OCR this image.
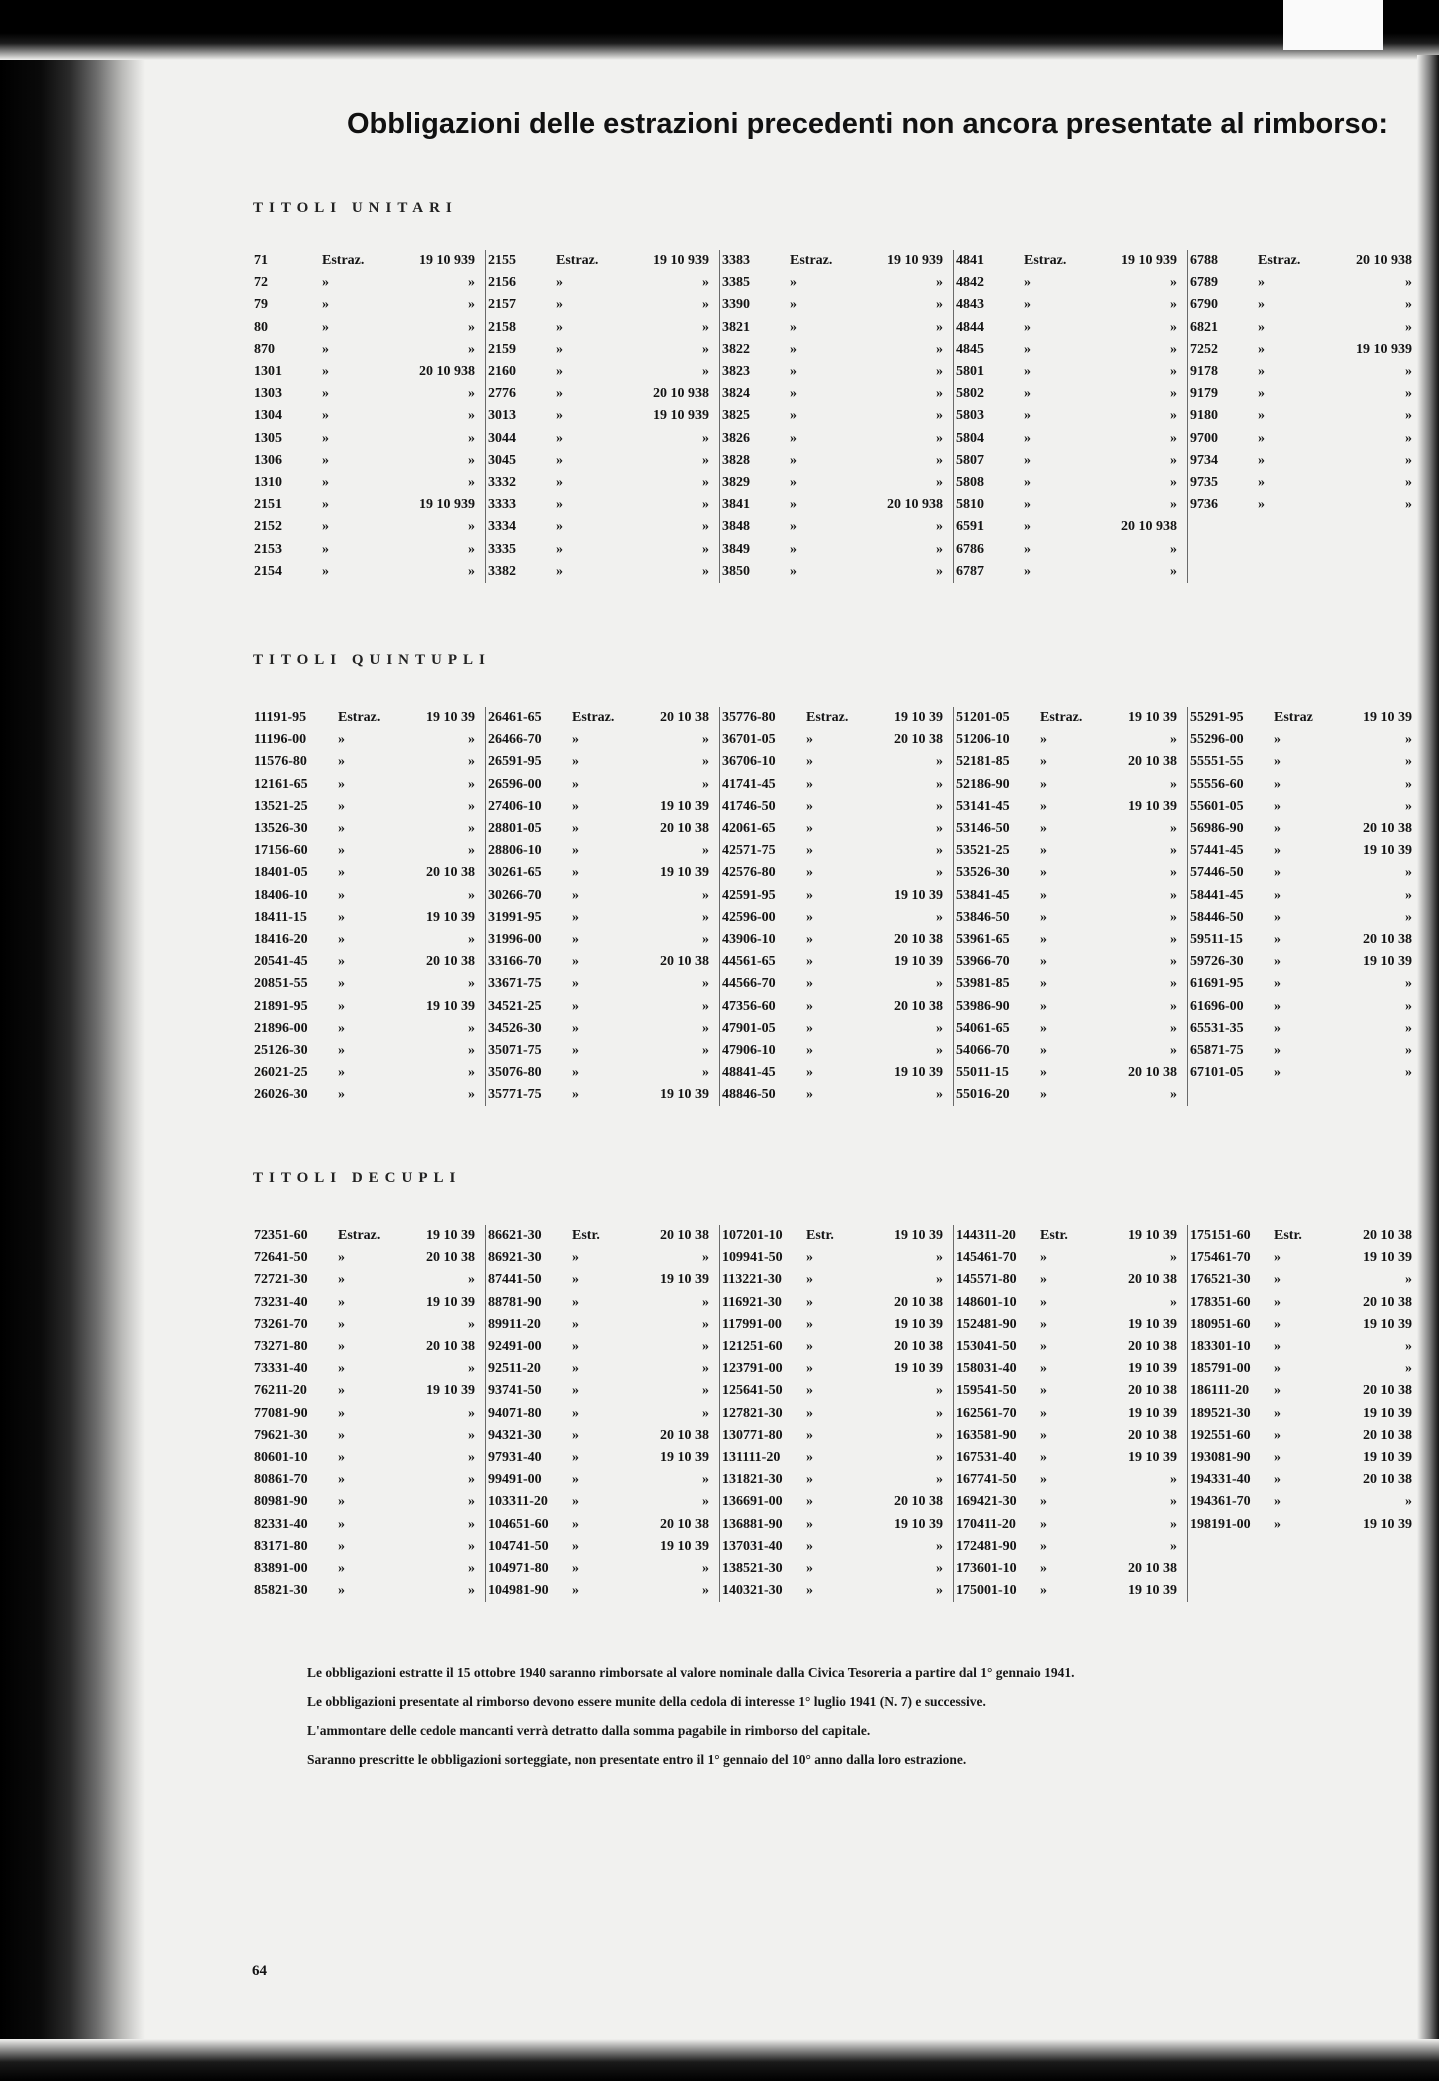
Obbligazioni delle estrazioni precedenti non ancora presentate al rimborso:
TITOLI UNITARI
71	Estraz.	19 10 939
72	»	»
79	»	»
80	»	»
870	»	»
1301	»	20 10 938
1303	»	»
1304	»	»
1305	»	»
1306	»	»
1310	»	»
2151	»	19 10 939
2152	»	»
2153	»	»
2154	»	»
2155	Estraz.	19 10 939
2156	»	»
2157	»	»
2158	»	»
2159	»	»
2160	»	»
2776	»	20 10 938
3013	»	19 10 939
3044	»	»
3045	»	»
3332	»	»
3333	»	»
3334	»	»
3335	»	»
3382	»	»
3383	Estraz.	19 10 939
3385	»	»
3390	»	»
3821	»	»
3822	»	»
3823	»	»
3824	»	»
3825	»	»
3826	»	»
3828	»	»
3829	»	»
3841	»	20 10 938
3848	»	»
3849	»	»
3850	»	»
4841	Estraz.	19 10 939
4842	»	»
4843	»	»
4844	»	»
4845	»	»
5801	»	»
5802	»	»
5803	»	»
5804	»	»
5807	»	»
5808	»	»
5810	»	»
6591	»	20 10 938
6786	»	»
6787	»	»
6788	Estraz.	20 10 938
6789	»	»
6790	»	»
6821	»	»
7252	»	19 10 939
9178	»	»
9179	»	»
9180	»	»
9700	»	»
9734	»	»
9735	»	»
9736	»	»
TITOLI QUINTUPLI
11191-95	Estraz.	19 10 39
11196-00	»	»
11576-80	»	»
12161-65	»	»
13521-25	»	»
13526-30	»	»
17156-60	»	»
18401-05	»	20 10 38
18406-10	»	»
18411-15	»	19 10 39
18416-20	»	»
20541-45	»	20 10 38
20851-55	»	»
21891-95	»	19 10 39
21896-00	»	»
25126-30	»	»
26021-25	»	»
26026-30	»	»
26461-65	Estraz.	20 10 38
26466-70	»	»
26591-95	»	»
26596-00	»	»
27406-10	»	19 10 39
28801-05	»	20 10 38
28806-10	»	»
30261-65	»	19 10 39
30266-70	»	»
31991-95	»	»
31996-00	»	»
33166-70	»	20 10 38
33671-75	»	»
34521-25	»	»
34526-30	»	»
35071-75	»	»
35076-80	»	»
35771-75	»	19 10 39
35776-80	Estraz.	19 10 39
36701-05	»	20 10 38
36706-10	»	»
41741-45	»	»
41746-50	»	»
42061-65	»	»
42571-75	»	»
42576-80	»	»
42591-95	»	19 10 39
42596-00	»	»
43906-10	»	20 10 38
44561-65	»	19 10 39
44566-70	»	»
47356-60	»	20 10 38
47901-05	»	»
47906-10	»	»
48841-45	»	19 10 39
48846-50	»	»
51201-05	Estraz.	19 10 39
51206-10	»	»
52181-85	»	20 10 38
52186-90	»	»
53141-45	»	19 10 39
53146-50	»	»
53521-25	»	»
53526-30	»	»
53841-45	»	»
53846-50	»	»
53961-65	»	»
53966-70	»	»
53981-85	»	»
53986-90	»	»
54061-65	»	»
54066-70	»	»
55011-15	»	20 10 38
55016-20	»	»
55291-95	Estraz	19 10 39
55296-00	»	»
55551-55	»	»
55556-60	»	»
55601-05	»	»
56986-90	»	20 10 38
57441-45	»	19 10 39
57446-50	»	»
58441-45	»	»
58446-50	»	»
59511-15	»	20 10 38
59726-30	»	19 10 39
61691-95	»	»
61696-00	»	»
65531-35	»	»
65871-75	»	»
67101-05	»	»
TITOLI DECUPLI
72351-60	Estraz.	19 10 39
72641-50	»	20 10 38
72721-30	»	»
73231-40	»	19 10 39
73261-70	»	»
73271-80	»	20 10 38
73331-40	»	»
76211-20	»	19 10 39
77081-90	»	»
79621-30	»	»
80601-10	»	»
80861-70	»	»
80981-90	»	»
82331-40	»	»
83171-80	»	»
83891-00	»	»
85821-30	»	»
86621-30	Estr.	20 10 38
86921-30	»	»
87441-50	»	19 10 39
88781-90	»	»
89911-20	»	»
92491-00	»	»
92511-20	»	»
93741-50	»	»
94071-80	»	»
94321-30	»	20 10 38
97931-40	»	19 10 39
99491-00	»	»
103311-20	»	»
104651-60	»	20 10 38
104741-50	»	19 10 39
104971-80	»	»
104981-90	»	»
107201-10	Estr.	19 10 39
109941-50	»	»
113221-30	»	»
116921-30	»	20 10 38
117991-00	»	19 10 39
121251-60	»	20 10 38
123791-00	»	19 10 39
125641-50	»	»
127821-30	»	»
130771-80	»	»
131111-20	»	»
131821-30	»	»
136691-00	»	20 10 38
136881-90	»	19 10 39
137031-40	»	»
138521-30	»	»
140321-30	»	»
144311-20	Estr.	19 10 39
145461-70	»	»
145571-80	»	20 10 38
148601-10	»	»
152481-90	»	19 10 39
153041-50	»	20 10 38
158031-40	»	19 10 39
159541-50	»	20 10 38
162561-70	»	19 10 39
163581-90	»	20 10 38
167531-40	»	19 10 39
167741-50	»	»
169421-30	»	»
170411-20	»	»
172481-90	»	»
173601-10	»	20 10 38
175001-10	»	19 10 39
175151-60	Estr.	20 10 38
175461-70	»	19 10 39
176521-30	»	»
178351-60	»	20 10 38
180951-60	»	19 10 39
183301-10	»	»
185791-00	»	»
186111-20	»	20 10 38
189521-30	»	19 10 39
192551-60	»	20 10 38
193081-90	»	19 10 39
194331-40	»	20 10 38
194361-70	»	»
198191-00	»	19 10 39

Le obbligazioni estratte il 15 ottobre 1940 saranno rimborsate al valore nominale dalla Civica Tesoreria a partire dal 1° gennaio 1941.

Le obbligazioni presentate al rimborso devono essere munite della cedola di interesse 1° luglio 1941 (N. 7) e successive.

L'ammontare delle cedole mancanti verrà detratto dalla somma pagabile in rimborso del capitale.

Saranno prescritte le obbligazioni sorteggiate, non presentate entro il 1° gennaio del 10° anno dalla loro estrazione.

64
